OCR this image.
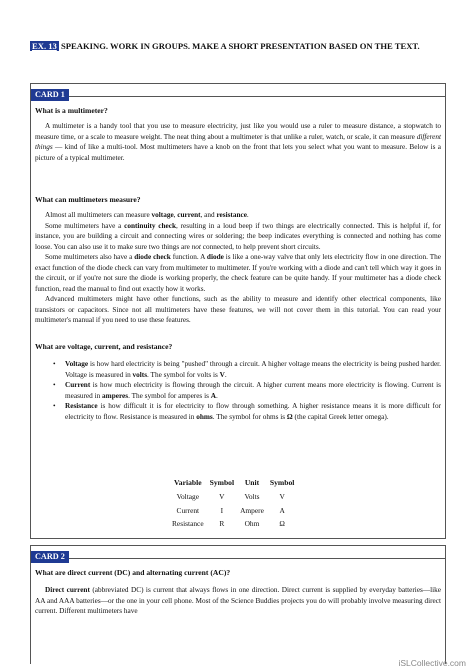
EX. 13 SPEAKING. WORK IN GROUPS. MAKE A SHORT PRESENTATION BASED ON THE TEXT.
CARD 1
What is a multimeter?

A multimeter is a handy tool that you use to measure electricity, just like you would use a ruler to measure distance, a stopwatch to measure time, or a scale to measure weight. The neat thing about a multimeter is that unlike a ruler, watch, or scale, it can measure different things — kind of like a multi-tool. Most multimeters have a knob on the front that lets you select what you want to measure. Below is a picture of a typical multimeter.

What can multimeters measure?

Almost all multimeters can measure voltage, current, and resistance.

Some multimeters have a continuity check, resulting in a loud beep if two things are electrically connected. This is helpful if, for instance, you are building a circuit and connecting wires or soldering; the beep indicates everything is connected and nothing has come loose. You can also use it to make sure two things are not connected, to help prevent short circuits.

Some multimeters also have a diode check function. A diode is like a one-way valve that only lets electricity flow in one direction. The exact function of the diode check can vary from multimeter to multimeter. If you're working with a diode and can't tell which way it goes in the circuit, or if you're not sure the diode is working properly, the check feature can be quite handy. If your multimeter has a diode check function, read the manual to find out exactly how it works.

Advanced multimeters might have other functions, such as the ability to measure and identify other electrical components, like transistors or capacitors. Since not all multimeters have these features, we will not cover them in this tutorial. You can read your multimeter's manual if you need to use these features.

What are voltage, current, and resistance?
• Voltage is how hard electricity is being "pushed" through a circuit. A higher voltage means the electricity is being pushed harder. Voltage is measured in volts. The symbol for volts is V.
• Current is how much electricity is flowing through the circuit. A higher current means more electricity is flowing. Current is measured in amperes. The symbol for amperes is A.
• Resistance is how difficult it is for electricity to flow through something. A higher resistance means it is more difficult for electricity to flow. Resistance is measured in ohms. The symbol for ohms is Ω (the capital Greek letter omega).
Variable	Symbol	Unit	Symbol
Voltage	V	Volts	V
Current	I	Ampere	A
Resistance	R	Ohm	Ω
CARD 2
What are direct current (DC) and alternating current (AC)?

Direct current (abbreviated DC) is current that always flows in one direction. Direct current is supplied by everyday batteries—like AA and AAA batteries—or the one in your cell phone. Most of the Science Buddies projects you do will probably involve measuring direct current. Different multimeters have

iSLCollective.com
